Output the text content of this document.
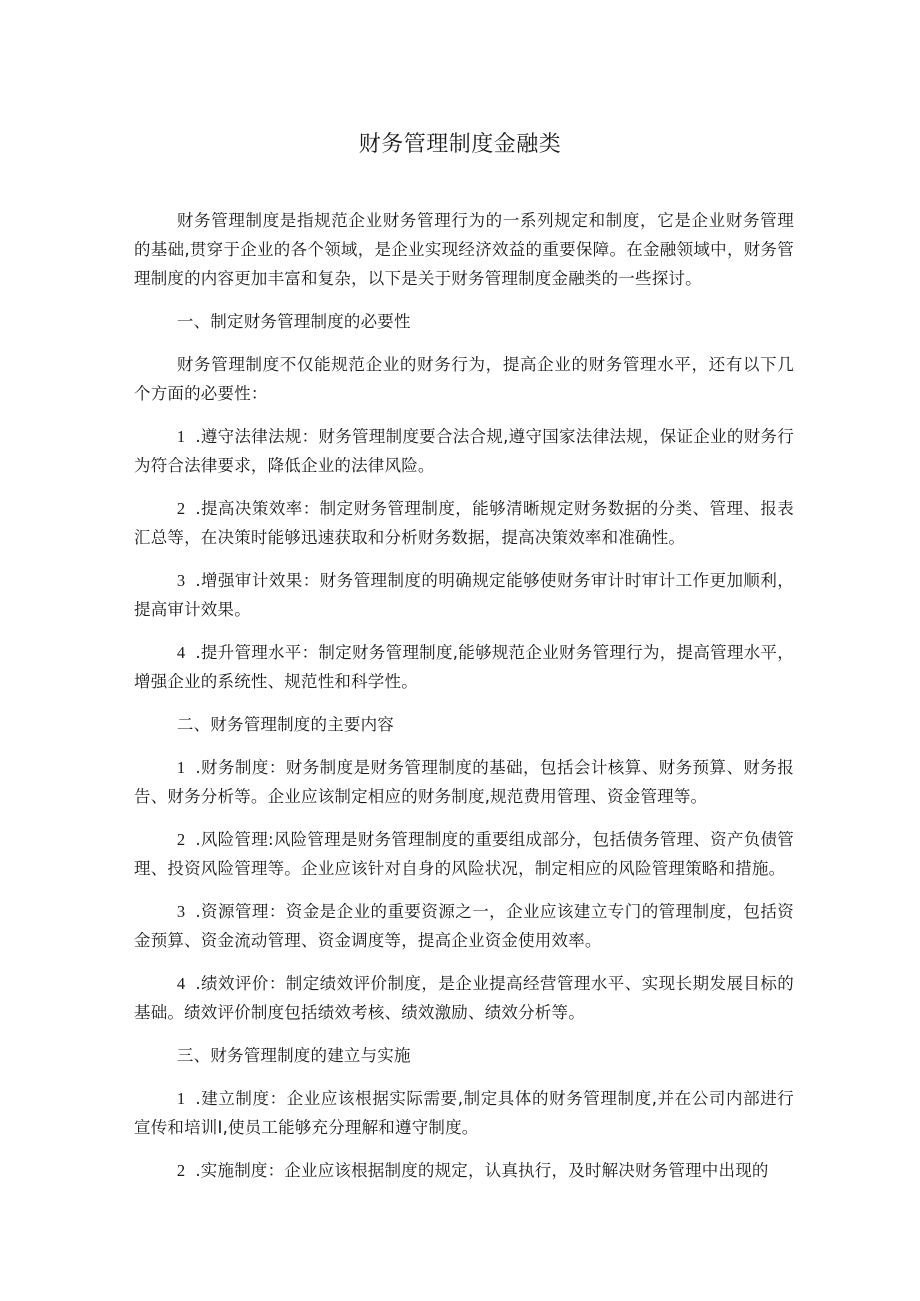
财务管理制度金融类

财务管理制度是指规范企业财务管理行为的一系列规定和制度，它是企业财务管理的基础,贯穿于企业的各个领域，是企业实现经济效益的重要保障。在金融领域中，财务管理制度的内容更加丰富和复杂，以下是关于财务管理制度金融类的一些探讨。

一、制定财务管理制度的必要性

财务管理制度不仅能规范企业的财务行为，提高企业的财务管理水平，还有以下几个方面的必要性：

1 .遵守法律法规：财务管理制度要合法合规,遵守国家法律法规，保证企业的财务行为符合法律要求，降低企业的法律风险。

2 .提高决策效率：制定财务管理制度，能够清晰规定财务数据的分类、管理、报表汇总等，在决策时能够迅速获取和分析财务数据，提高决策效率和准确性。

3 .增强审计效果：财务管理制度的明确规定能够使财务审计时审计工作更加顺利，提高审计效果。

4 .提升管理水平：制定财务管理制度,能够规范企业财务管理行为，提高管理水平，增强企业的系统性、规范性和科学性。

二、财务管理制度的主要内容

1 .财务制度：财务制度是财务管理制度的基础，包括会计核算、财务预算、财务报告、财务分析等。企业应该制定相应的财务制度,规范费用管理、资金管理等。

2 .风险管理:风险管理是财务管理制度的重要组成部分，包括债务管理、资产负债管理、投资风险管理等。企业应该针对自身的风险状况，制定相应的风险管理策略和措施。

3 .资源管理：资金是企业的重要资源之一，企业应该建立专门的管理制度，包括资金预算、资金流动管理、资金调度等，提高企业资金使用效率。

4 .绩效评价：制定绩效评价制度，是企业提高经营管理水平、实现长期发展目标的基础。绩效评价制度包括绩效考核、绩效激励、绩效分析等。

三、财务管理制度的建立与实施

1 .建立制度：企业应该根据实际需要,制定具体的财务管理制度,并在公司内部进行宣传和培训I,使员工能够充分理解和遵守制度。

2 .实施制度：企业应该根据制度的规定，认真执行，及时解决财务管理中出现的
